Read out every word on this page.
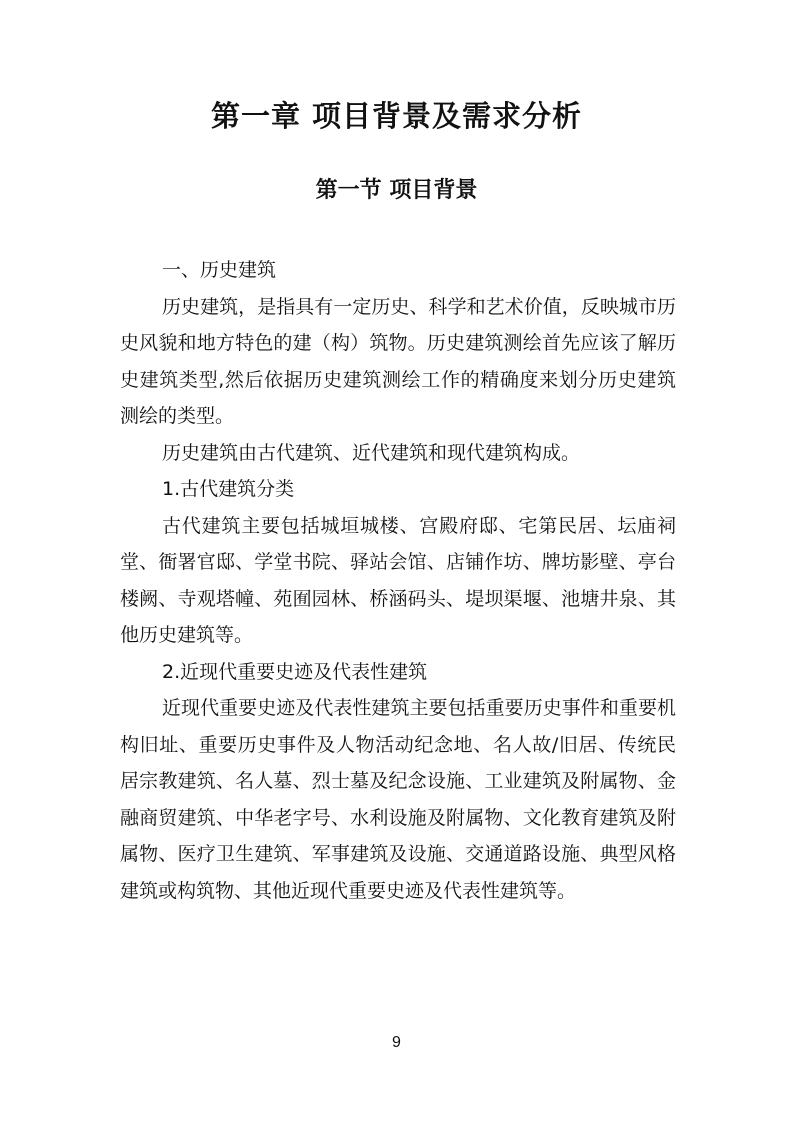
第一章 项目背景及需求分析
第一节 项目背景

一、历史建筑

历史建筑，是指具有一定历史、科学和艺术价值，反映城市历史风貌和地方特色的建（构）筑物。历史建筑测绘首先应该了解历史建筑类型,然后依据历史建筑测绘工作的精确度来划分历史建筑测绘的类型。

历史建筑由古代建筑、近代建筑和现代建筑构成。

1.古代建筑分类

古代建筑主要包括城垣城楼、宫殿府邸、宅第民居、坛庙祠堂、衙署官邸、学堂书院、驿站会馆、店铺作坊、牌坊影壁、亭台楼阙、寺观塔幢、苑囿园林、桥涵码头、堤坝渠堰、池塘井泉、其他历史建筑等。

2.近现代重要史迹及代表性建筑

近现代重要史迹及代表性建筑主要包括重要历史事件和重要机构旧址、重要历史事件及人物活动纪念地、名人故/旧居、传统民居宗教建筑、名人墓、烈士墓及纪念设施、工业建筑及附属物、金融商贸建筑、中华老字号、水利设施及附属物、文化教育建筑及附属物、医疗卫生建筑、军事建筑及设施、交通道路设施、典型风格建筑或构筑物、其他近现代重要史迹及代表性建筑等。

9
